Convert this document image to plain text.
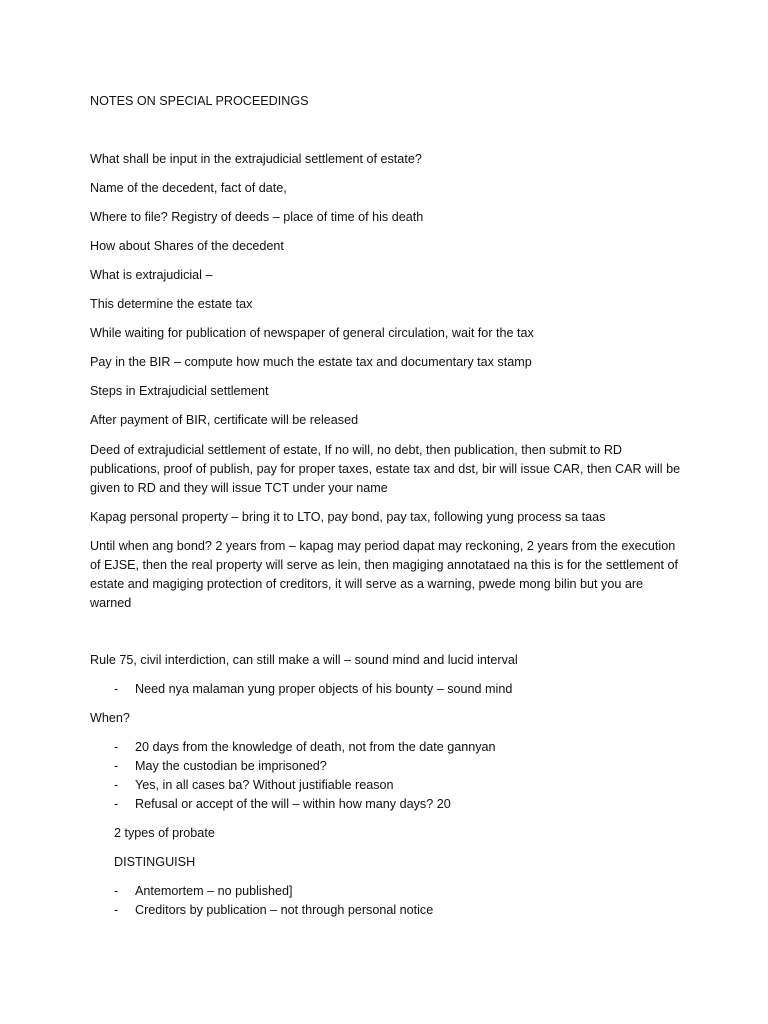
NOTES ON SPECIAL PROCEEDINGS
What shall be input in the extrajudicial settlement of estate?
Name of the decedent, fact of date,
Where to file? Registry of deeds – place of time of his death
How about Shares of the decedent
What is extrajudicial –
This determine the estate tax
While waiting for publication of newspaper of general circulation, wait for the tax
Pay in the BIR – compute how much the estate tax and documentary tax stamp
Steps in Extrajudicial settlement
After payment of BIR, certificate will be released

Deed of extrajudicial settlement of estate, If no will, no debt, then publication, then submit to RD publications, proof of publish, pay for proper taxes, estate tax and dst, bir will issue CAR, then CAR will be given to RD and they will issue TCT under your name

Kapag personal property – bring it to LTO, pay bond, pay tax, following yung process sa taas

Until when ang bond? 2 years from – kapag may period dapat may reckoning, 2 years from the execution of EJSE, then the real property will serve as lein, then magiging annotataed na this is for the settlement of estate and magiging protection of creditors, it will serve as a warning, pwede mong bilin but you are warned

Rule 75, civil interdiction, can still make a will – sound mind and lucid interval
- Need nya malaman yung proper objects of his bounty – sound mind
When?
- 20 days from the knowledge of death, not from the date gannyan
- May the custodian be imprisoned?
- Yes, in all cases ba? Without justifiable reason
- Refusal or accept of the will – within how many days? 20
2 types of probate
DISTINGUISH
- Antemortem – no published]
- Creditors by publication – not through personal notice
